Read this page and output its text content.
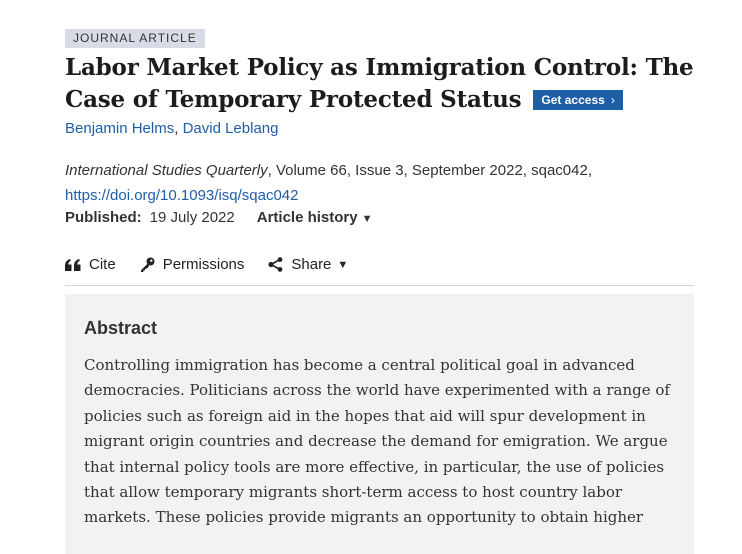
JOURNAL ARTICLE
Labor Market Policy as Immigration Control: The Case of Temporary Protected Status Get access ›
Benjamin Helms, David Leblang
International Studies Quarterly, Volume 66, Issue 3, September 2022, sqac042,
https://doi.org/10.1093/isq/sqac042
Published: 19 July 2022 Article history ▼
Cite	Permissions	Share ▼
Abstract

Controlling immigration has become a central political goal in advanced democracies. Politicians across the world have experimented with a range of policies such as foreign aid in the hopes that aid will spur development in migrant origin countries and decrease the demand for emigration. We argue that internal policy tools are more effective, in particular, the use of policies that allow temporary migrants short-term access to host country labor markets. These policies provide migrants an opportunity to obtain higher
